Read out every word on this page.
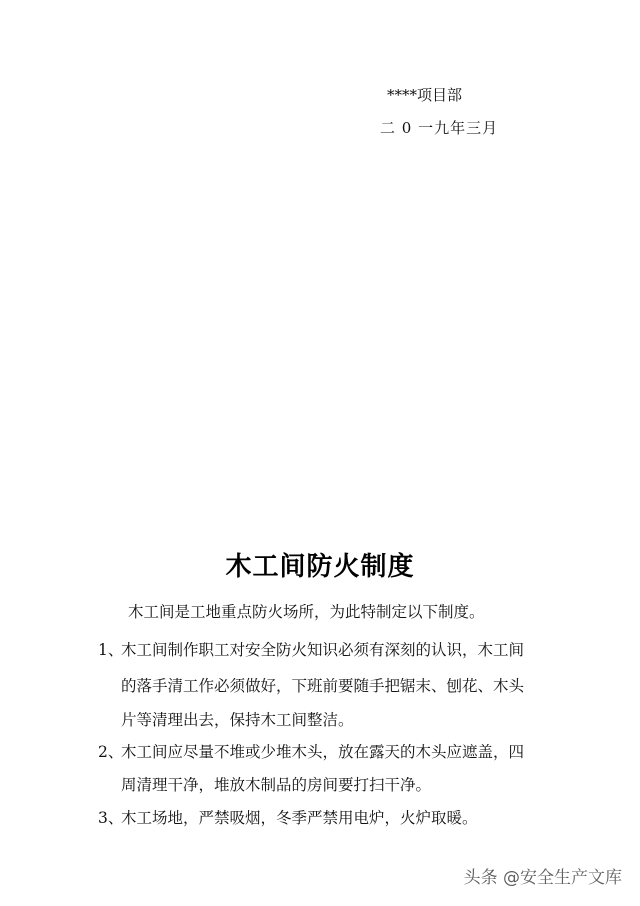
****项目部
二 0 一九年三月
木工间防火制度
木工间是工地重点防火场所，为此特制定以下制度。
1、
木工间制作职工对安全防火知识必须有深刻的认识，木工间
的落手清工作必须做好，下班前要随手把锯末、刨花、木头
片等清理出去，保持木工间整洁。
2、
木工间应尽量不堆或少堆木头，放在露天的木头应遮盖，四
周清理干净，堆放木制品的房间要打扫干净。
3、
木工场地，严禁吸烟，冬季严禁用电炉，火炉取暖。
头条 @安全生产文库
